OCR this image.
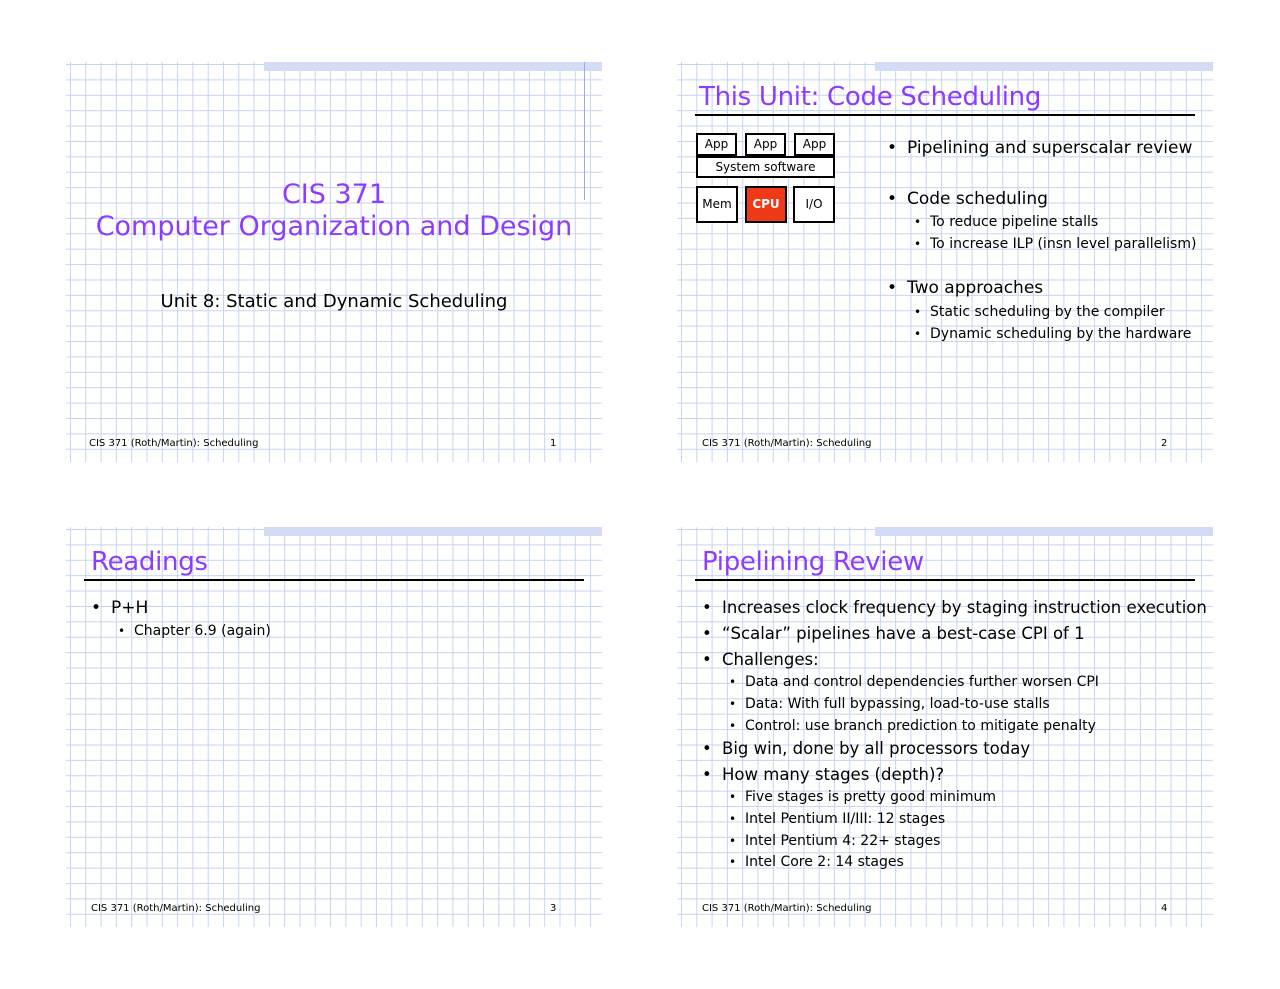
CIS 371
Computer Organization and Design
Unit 8: Static and Dynamic Scheduling
CIS 371 (Roth/Martin): Scheduling	1
This Unit: Code Scheduling
App	App	App
System software
Mem	CPU	I/O
• Pipelining and superscalar review
• Code scheduling
• To reduce pipeline stalls
• To increase ILP (insn level parallelism)
• Two approaches
• Static scheduling by the compiler
• Dynamic scheduling by the hardware
CIS 371 (Roth/Martin): Scheduling	2
Readings
• P+H
• Chapter 6.9 (again)
CIS 371 (Roth/Martin): Scheduling	3
Pipelining Review
• Increases clock frequency by staging instruction execution
• “Scalar” pipelines have a best-case CPI of 1
• Challenges:
• Data and control dependencies further worsen CPI
• Data: With full bypassing, load-to-use stalls
• Control: use branch prediction to mitigate penalty
• Big win, done by all processors today
• How many stages (depth)?
• Five stages is pretty good minimum
• Intel Pentium II/III: 12 stages
• Intel Pentium 4: 22+ stages
• Intel Core 2: 14 stages
CIS 371 (Roth/Martin): Scheduling	4
